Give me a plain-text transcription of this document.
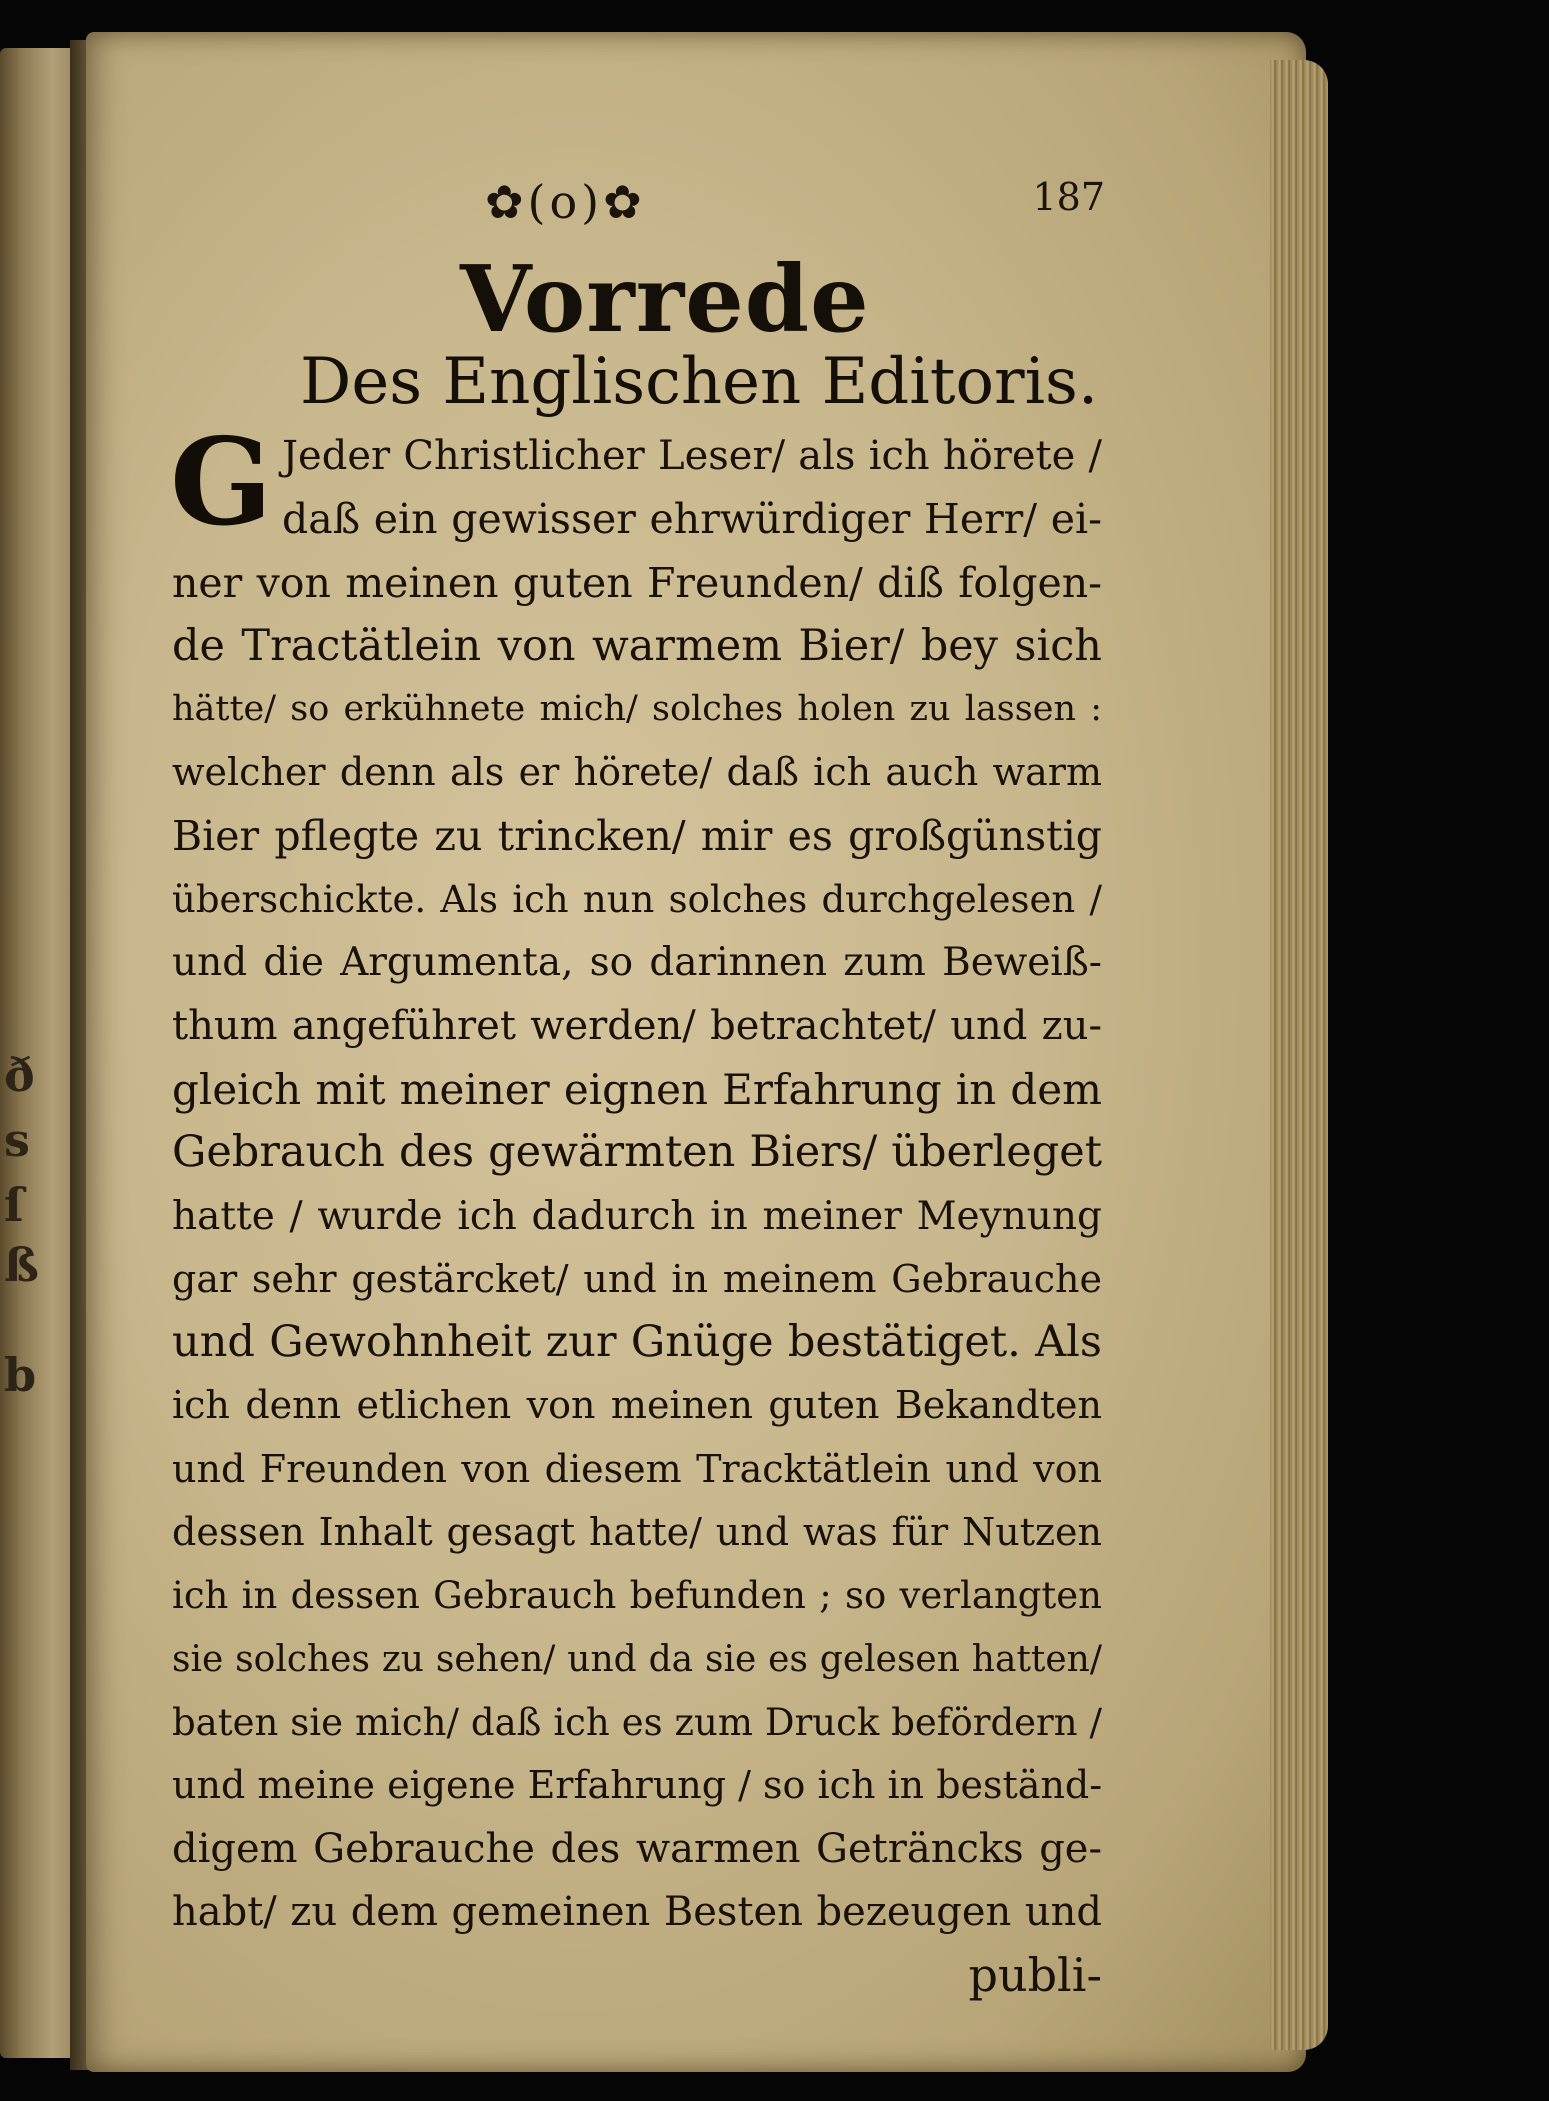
ð
s
ſ
ß
b
✿(o)✿	187
Vorrede
Des Englischen Editoris.
G Jeder Christlicher Leser/ als ich hörete /
daß ein gewisser ehrwürdiger Herr/ ei-
ner von meinen guten Freunden/ diß folgen-
de Tractätlein von warmem Bier/ bey sich
hätte/ so erkühnete mich/ solches holen zu lassen :
welcher denn als er hörete/ daß ich auch warm
Bier pflegte zu trincken/ mir es großgünstig
überschickte. Als ich nun solches durchgelesen /
und die Argumenta, so darinnen zum Beweiß-
thum angeführet werden/ betrachtet/ und zu-
gleich mit meiner eignen Erfahrung in dem
Gebrauch des gewärmten Biers/ überleget
hatte / wurde ich dadurch in meiner Meynung
gar sehr gestärcket/ und in meinem Gebrauche
und Gewohnheit zur Gnüge bestätiget. Als
ich denn etlichen von meinen guten Bekandten
und Freunden von diesem Tracktätlein und von
dessen Inhalt gesagt hatte/ und was für Nutzen
ich in dessen Gebrauch befunden ; so verlangten
sie solches zu sehen/ und da sie es gelesen hatten/
baten sie mich/ daß ich es zum Druck befördern /
und meine eigene Erfahrung / so ich in beständ-
digem Gebrauche des warmen Geträncks ge-
habt/ zu dem gemeinen Besten bezeugen und
publi-
